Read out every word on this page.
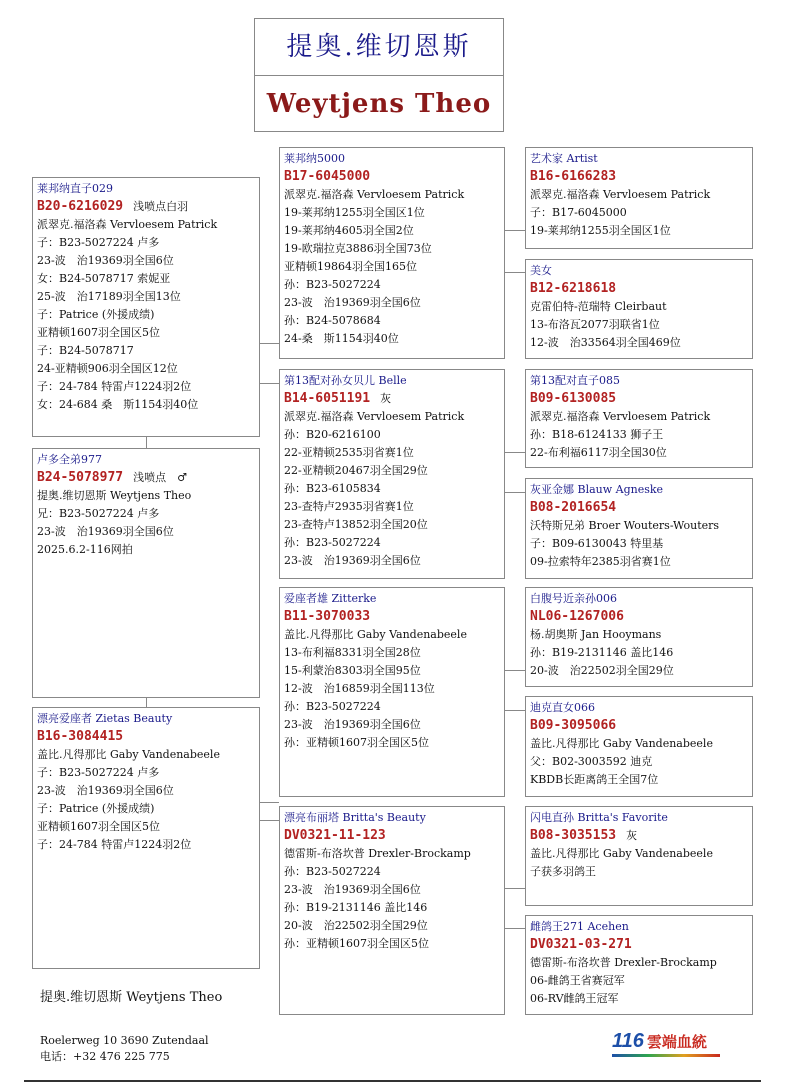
提奥.维切恩斯
Weytjens Theo
莱邦纳直子029
B20-6216029 浅喷点白羽
派翠克.福洛森 Vervloesem Patrick
子：B23-5027224 卢多
23-波　治19369羽全国6位
女：B24-5078717 索妮亚
25-波　治17189羽全国13位
子：Patrice (外援成绩)
亚精顿1607羽全国区5位
子：B24-5078717
24-亚精顿906羽全国区12位
子：24-784 特雷卢1224羽2位
女：24-684 桑　斯1154羽40位
卢多全弟977
B24-5078977 浅喷点　♂
提奥.维切恩斯 Weytjens Theo
兄：B23-5027224 卢多
23-波　治19369羽全国6位
2025.6.2-116网拍
漂亮爱座者 Zietas Beauty
B16-3084415
盖比.凡得那比 Gaby Vandenabeele
子：B23-5027224 卢多
23-波　治19369羽全国6位
子：Patrice (外援成绩)
亚精顿1607羽全国区5位
子：24-784 特雷卢1224羽2位
莱邦纳5000
B17-6045000
派翠克.福洛森 Vervloesem Patrick
19-莱邦纳1255羽全国区1位
19-莱邦纳4605羽全国2位
19-欧瑞拉克3886羽全国73位
亚精顿19864羽全国165位
孙：B23-5027224
23-波　治19369羽全国6位
孙：B24-5078684
24-桑　斯1154羽40位
第13配对孙女贝儿 Belle
B14-6051191 灰
派翠克.福洛森 Vervloesem Patrick
孙：B20-6216100
22-亚精顿2535羽省赛1位
22-亚精顿20467羽全国29位
孙：B23-6105834
23-查特卢2935羽省赛1位
23-查特卢13852羽全国20位
孙：B23-5027224
23-波　治19369羽全国6位
爱座者雄 Zitterke
B11-3070033
盖比.凡得那比 Gaby Vandenabeele
13-布利福8331羽全国28位
15-利蒙治8303羽全国95位
12-波　治16859羽全国113位
孙：B23-5027224
23-波　治19369羽全国6位
孙：亚精顿1607羽全国区5位
漂亮布丽塔 Britta's Beauty
DV0321-11-123
德雷斯-布洛坎普 Drexler-Brockamp
孙：B23-5027224
23-波　治19369羽全国6位
孙：B19-2131146 盖比146
20-波　治22502羽全国29位
孙：亚精顿1607羽全国区5位
艺术家 Artist
B16-6166283
派翠克.福洛森 Vervloesem Patrick
子：B17-6045000
19-莱邦纳1255羽全国区1位
美女
B12-6218618
克雷伯特-范瑞特 Cleirbaut
13-布洛瓦2077羽联省1位
12-波　治33564羽全国469位
第13配对直子085
B09-6130085
派翠克.福洛森 Vervloesem Patrick
孙：B18-6124133 狮子王
22-布利福6117羽全国30位
灰亚金娜 Blauw Agneske
B08-2016654
沃特斯兄弟 Broer Wouters-Wouters
子：B09-6130043 特里基
09-拉索特年2385羽省赛1位
白腹号近亲孙006
NL06-1267006
杨.胡奥斯 Jan Hooymans
孙：B19-2131146 盖比146
20-波　治22502羽全国29位
迪克直女066
B09-3095066
盖比.凡得那比 Gaby Vandenabeele
父：B02-3003592 迪克
KBDB长距离鸽王全国7位
闪电直孙 Britta's Favorite
B08-3035153 灰
盖比.凡得那比 Gaby Vandenabeele
子获多羽鸽王
雌鸽王271 Acehen
DV0321-03-271
德雷斯-布洛坎普 Drexler-Brockamp
06-雌鸽王省赛冠军
06-RV雌鸽王冠军
提奥.维切恩斯 Weytjens Theo
Roelerweg 10 3690 Zutendaal
电话：+32 476 225 775
116 雲端血統
